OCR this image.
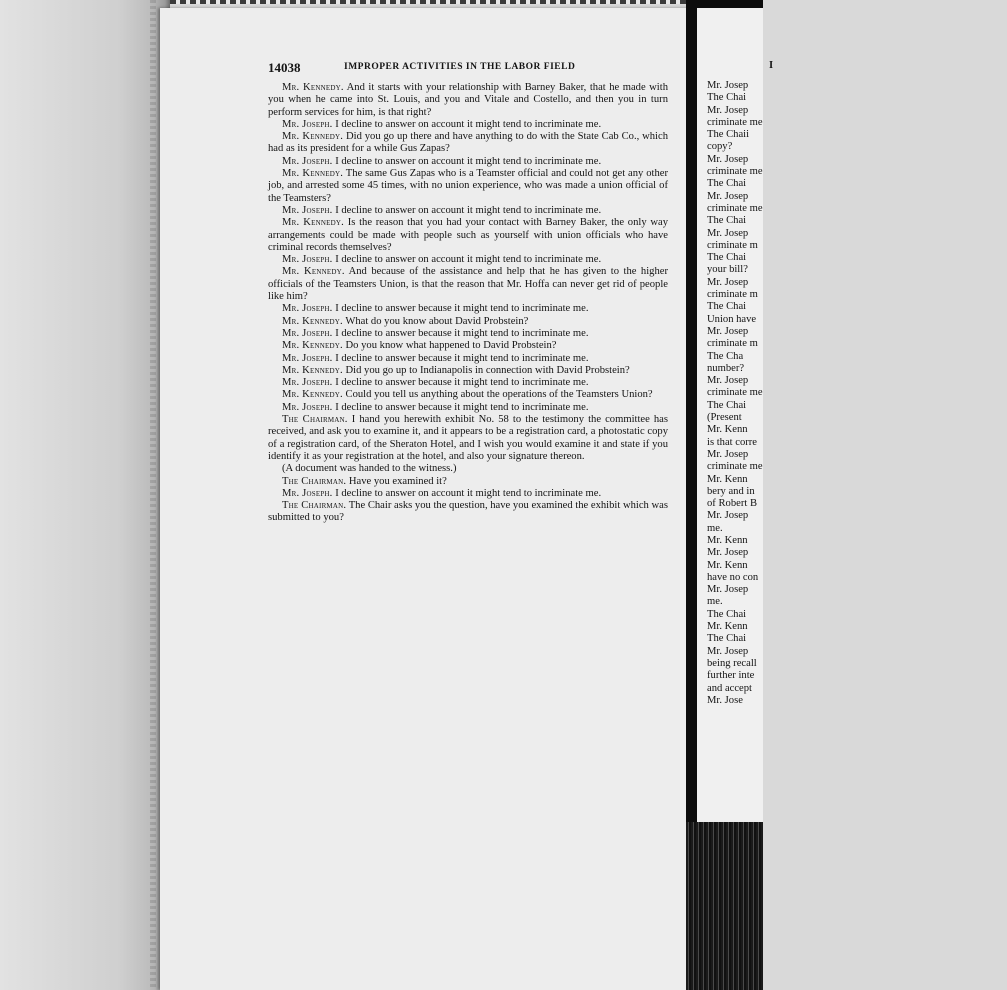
14038	IMPROPER ACTIVITIES IN THE LABOR FIELD

Mr. Kennedy. And it starts with your relationship with Barney Baker, that he made with you when he came into St. Louis, and you and Vitale and Costello, and then you in turn perform services for him, is that right?

Mr. Joseph. I decline to answer on account it might tend to incriminate me.

Mr. Kennedy. Did you go up there and have anything to do with the State Cab Co., which had as its president for a while Gus Zapas?

Mr. Joseph. I decline to answer on account it might tend to incriminate me.

Mr. Kennedy. The same Gus Zapas who is a Teamster official and could not get any other job, and arrested some 45 times, with no union experience, who was made a union official of the Teamsters?

Mr. Joseph. I decline to answer on account it might tend to incriminate me.

Mr. Kennedy. Is the reason that you had your contact with Barney Baker, the only way arrangements could be made with people such as yourself with union officials who have criminal records themselves?

Mr. Joseph. I decline to answer on account it might tend to incriminate me.

Mr. Kennedy. And because of the assistance and help that he has given to the higher officials of the Teamsters Union, is that the reason that Mr. Hoffa can never get rid of people like him?

Mr. Joseph. I decline to answer because it might tend to incriminate me.

Mr. Kennedy. What do you know about David Probstein?

Mr. Joseph. I decline to answer because it might tend to incriminate me.

Mr. Kennedy. Do you know what happened to David Probstein?

Mr. Joseph. I decline to answer because it might tend to incriminate me.

Mr. Kennedy. Did you go up to Indianapolis in connection with David Probstein?

Mr. Joseph. I decline to answer because it might tend to incriminate me.

Mr. Kennedy. Could you tell us anything about the operations of the Teamsters Union?

Mr. Joseph. I decline to answer because it might tend to incriminate me.

The Chairman. I hand you herewith exhibit No. 58 to the testimony the committee has received, and ask you to examine it, and it appears to be a registration card, a photostatic copy of a registration card, of the Sheraton Hotel, and I wish you would examine it and state if you identify it as your registration at the hotel, and also your signature thereon.

(A document was handed to the witness.)

The Chairman. Have you examined it?

Mr. Joseph. I decline to answer on account it might tend to incriminate me.

The Chairman. The Chair asks you the question, have you examined the exhibit which was submitted to you?

I
Mr. Josep
The Chai
Mr. Josep
criminate me
The Chaii
copy?
Mr. Josep
criminate me
The Chai
Mr. Josep
criminate me
The Chai
Mr. Josep
criminate m
The Chai
your bill?
Mr. Josep
criminate m
The Chai
Union have
Mr. Josep
criminate m
The Cha
number?
Mr. Josep
criminate me
The Chai
(Present
Mr. Kenn
is that corre
Mr. Josep
criminate me
Mr. Kenn
bery and in
of Robert B
Mr. Josep
me.
Mr. Kenn
Mr. Josep
Mr. Kenn
have no con
Mr. Josep
me.
The Chai
Mr. Kenn
The Chai
Mr. Josep
being recall
further inte
and accept
Mr. Jose
